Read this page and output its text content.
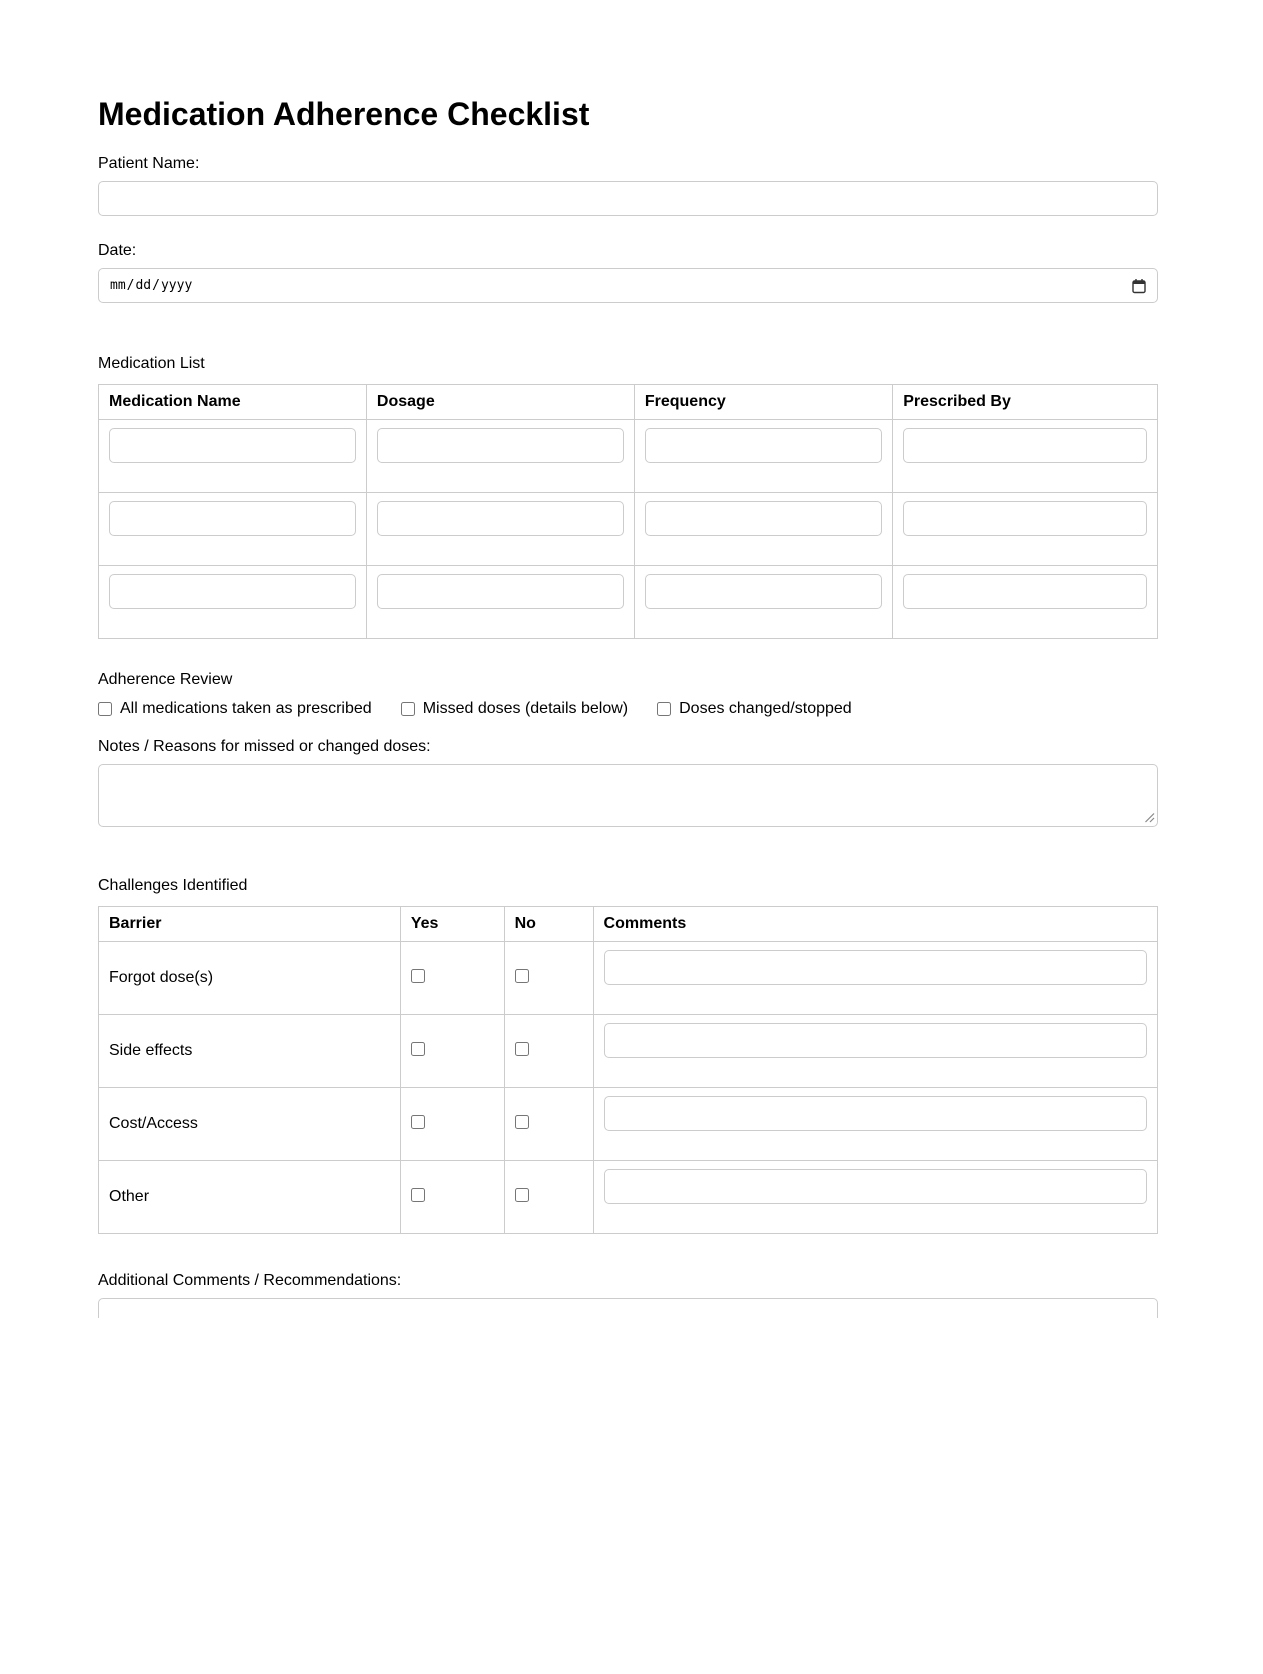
Medication Adherence Checklist
Patient Name:
Date:
mm/dd/yyyy
Medication List
Medication Name	Dosage	Frequency	Prescribed By

Adherence Review
All medications taken as prescribed	Missed doses (details below)	Doses changed/stopped
Notes / Reasons for missed or changed doses:
Challenges Identified
Barrier	Yes	No	Comments
Forgot dose(s)			

Side effects			

Cost/Access			

Other			
Additional Comments / Recommendations:
